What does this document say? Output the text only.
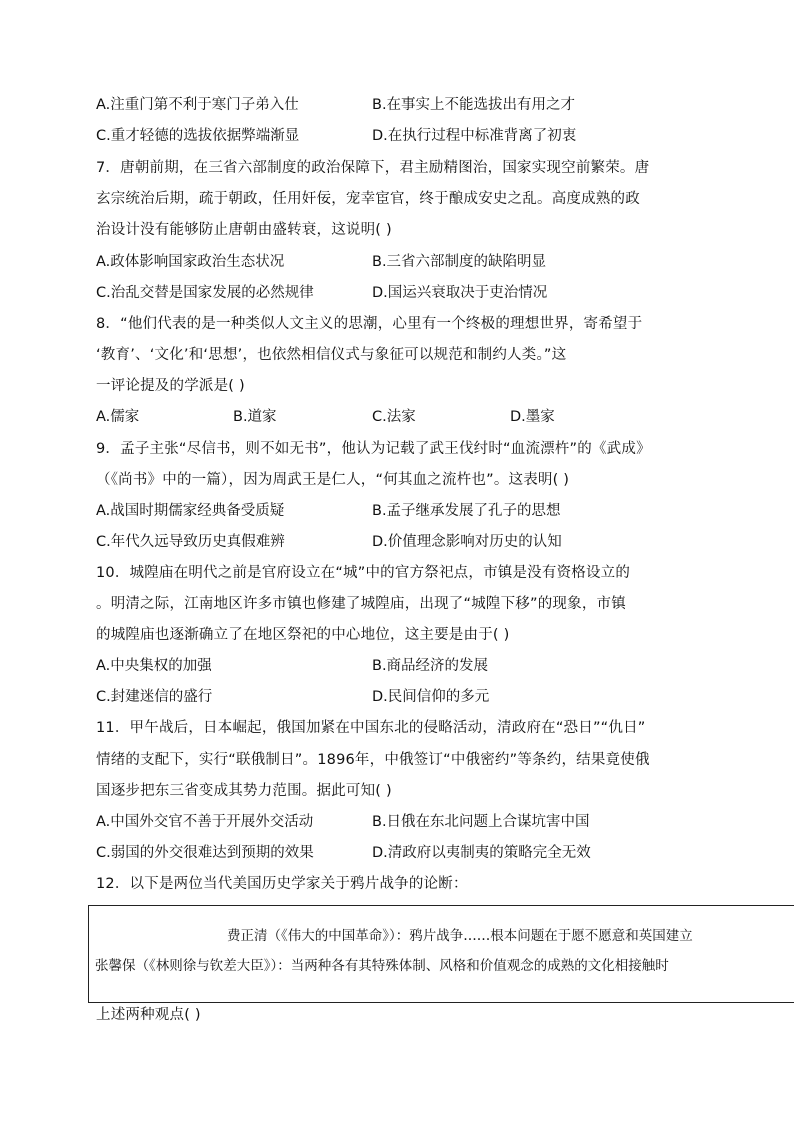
A.注重门第不利于寒门子弟入仕	B.在事实上不能选拔出有用之才
C.重才轻德的选拔依据弊端渐显	D.在执行过程中标准背离了初衷
7．唐朝前期，在三省六部制度的政治保障下，君主励精图治，国家实现空前繁荣。唐
玄宗统治后期，疏于朝政，任用奸佞，宠幸宦官，终于酿成安史之乱。高度成熟的政
治设计没有能够防止唐朝由盛转衰，这说明( )
A.政体影响国家政治生态状况	B.三省六部制度的缺陷明显
C.治乱交替是国家发展的必然规律	D.国运兴衰取决于吏治情况
8．“他们代表的是一种类似人文主义的思潮，心里有一个终极的理想世界，寄希望于
‘教育’、‘文化’和‘思想’，也依然相信仪式与象征可以规范和制约人类。”这
一评论提及的学派是( )
A.儒家	B.道家	C.法家	D.墨家
9．孟子主张“尽信书，则不如无书”，他认为记载了武王伐纣时“血流漂杵”的《武成》
（《尚书》中的一篇），因为周武王是仁人，“何其血之流杵也”。这表明( )
A.战国时期儒家经典备受质疑	B.孟子继承发展了孔子的思想
C.年代久远导致历史真假难辨	D.价值理念影响对历史的认知
10．城隍庙在明代之前是官府设立在“城”中的官方祭祀点，市镇是没有资格设立的
。明清之际，江南地区许多市镇也修建了城隍庙，出现了“城隍下移”的现象，市镇
的城隍庙也逐渐确立了在地区祭祀的中心地位，这主要是由于( )
A.中央集权的加强	B.商品经济的发展
C.封建迷信的盛行	D.民间信仰的多元
11．甲午战后，日本崛起，俄国加紧在中国东北的侵略活动，清政府在“恐日”“仇日”
情绪的支配下，实行“联俄制日”。1896年，中俄签订“中俄密约”等条约，结果竟使俄
国逐步把东三省变成其势力范围。据此可知( )
A.中国外交官不善于开展外交活动	B.日俄在东北问题上合谋坑害中国
C.弱国的外交很难达到预期的效果	D.清政府以夷制夷的策略完全无效
12．以下是两位当代美国历史学家关于鸦片战争的论断：
费正清（《伟大的中国革命》）：鸦片战争……根本问题在于愿不愿意和英国建立
张馨保（《林则徐与钦差大臣》）：当两种各有其特殊体制、风格和价值观念的成熟的文化相接触时
上述两种观点( )
